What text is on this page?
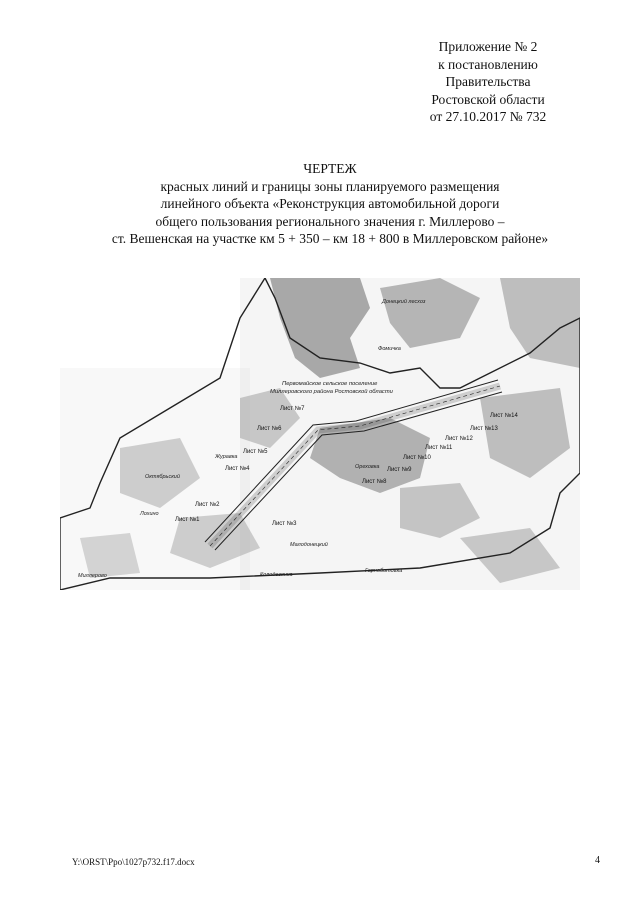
Приложение № 2
к постановлению
Правительства
Ростовской области
от 27.10.2017 № 732
ЧЕРТЕЖ
красных линий и границы зоны планируемого размещения
линейного объекта «Реконструкция автомобильной дороги
общего пользования регионального значения г. Миллерово –
ст. Вешенская на участке км 5 + 350 – км 18 + 800 в Миллеровском районе»
Донецкий лесхоз
Фомичка
Первомайское сельское поселение
Миллеровского района Ростовской области
Журавка
Октябрьский
Лохино
Ореховка
Малодонецкий
Колодезянка
Гарноботовка
Миллерово
Лист №1
Лист №2
Лист №3
Лист №4
Лист №5
Лист №6
Лист №7
Лист №8
Лист №9
Лист №10
Лист №11
Лист №12
Лист №13
Лист №14
Y:\ORST\Ppo\1027p732.f17.docx	4
